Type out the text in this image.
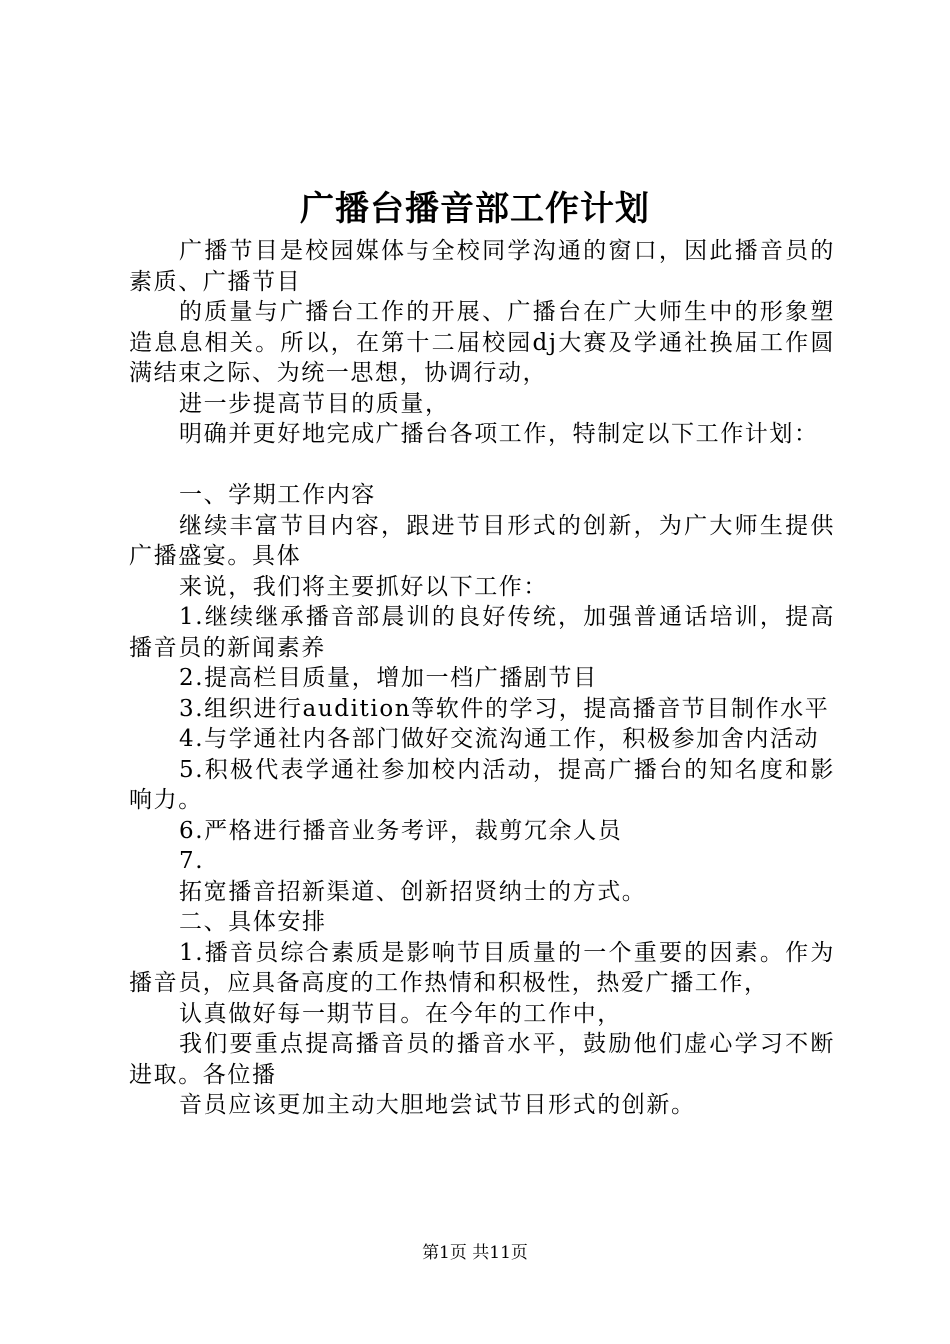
广播台播音部工作计划

广播节目是校园媒体与全校同学沟通的窗口，因此播音员的素质、广播节目

的质量与广播台工作的开展、广播台在广大师生中的形象塑造息息相关。所以，在第十二届校园dj大赛及学通社换届工作圆满结束之际、为统一思想，协调行动，

进一步提高节目的质量，

明确并更好地完成广播台各项工作，特制定以下工作计划：

一、学期工作内容

继续丰富节目内容，跟进节目形式的创新，为广大师生提供广播盛宴。具体

来说，我们将主要抓好以下工作：

1.继续继承播音部晨训的良好传统，加强普通话培训，提高播音员的新闻素养

2.提高栏目质量，增加一档广播剧节目

3.组织进行audition等软件的学习，提高播音节目制作水平

4.与学通社内各部门做好交流沟通工作，积极参加舍内活动

5.积极代表学通社参加校内活动，提高广播台的知名度和影响力。

6.严格进行播音业务考评，裁剪冗余人员

7.

拓宽播音招新渠道、创新招贤纳士的方式。

二、具体安排

1.播音员综合素质是影响节目质量的一个重要的因素。作为播音员，应具备高度的工作热情和积极性，热爱广播工作，

认真做好每一期节目。在今年的工作中，

我们要重点提高播音员的播音水平，鼓励他们虚心学习不断进取。各位播

音员应该更加主动大胆地尝试节目形式的创新。

第1页 共11页
